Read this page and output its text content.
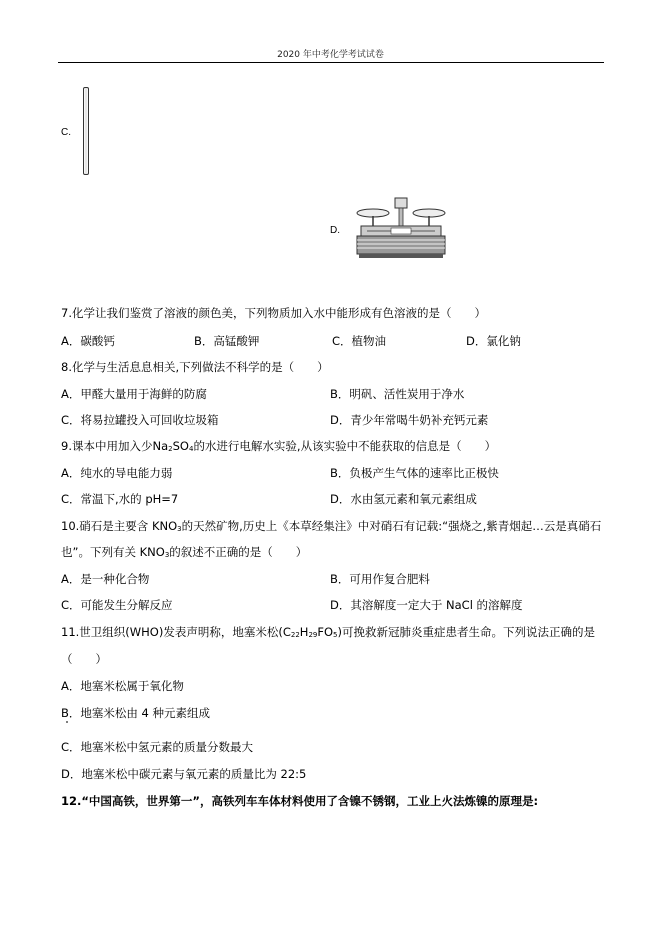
2020 年中考化学考试试卷
C.
D.
7.化学让我们鉴赏了溶液的颜色美，下列物质加入水中能形成有色溶液的是（　　）
A．碳酸钙	B．高锰酸钾	C．植物油	D．氯化钠
8.化学与生活息息相关,下列做法不科学的是（　　）
A．甲醛大量用于海鲜的防腐	B．明矾、活性炭用于净水
C．将易拉罐投入可回收垃圾箱	D．青少年常喝牛奶补充钙元素
9.课本中用加入少$Na_2SO_4$的水进行电解水实验,从该实验中不能获取的信息是（　　）
A．纯水的导电能力弱	B．负极产生气体的速率比正极快
C．常温下,水的 pH=7	D．水由氢元素和氧元素组成
10.硝石是主要含 $KNO_3$的天然矿物,历史上《本草经集注》中对硝石有记载:“强烧之,紫青烟起…云是真硝石
也”。下列有关 $KNO_3$的叙述不正确的是（　　）
A．是一种化合物	B．可用作复合肥料
C．可能发生分解反应	D．其溶解度一定大于 NaCl 的溶解度
11.世卫组织(WHO)发表声明称，地塞米松$(C_{22}H_{29}FO_5)$可挽救新冠肺炎重症患者生命。下列说法正确的是
（　　）
A．地塞米松属于氧化物
B．地塞米松由 4 种元素组成
C．地塞米松中氢元素的质量分数最大
D．地塞米松中碳元素与氧元素的质量比为 22:5
12.“中国高铁，世界第一”，高铁列车车体材料使用了含镍不锈钢，工业上火法炼镍的原理是:
